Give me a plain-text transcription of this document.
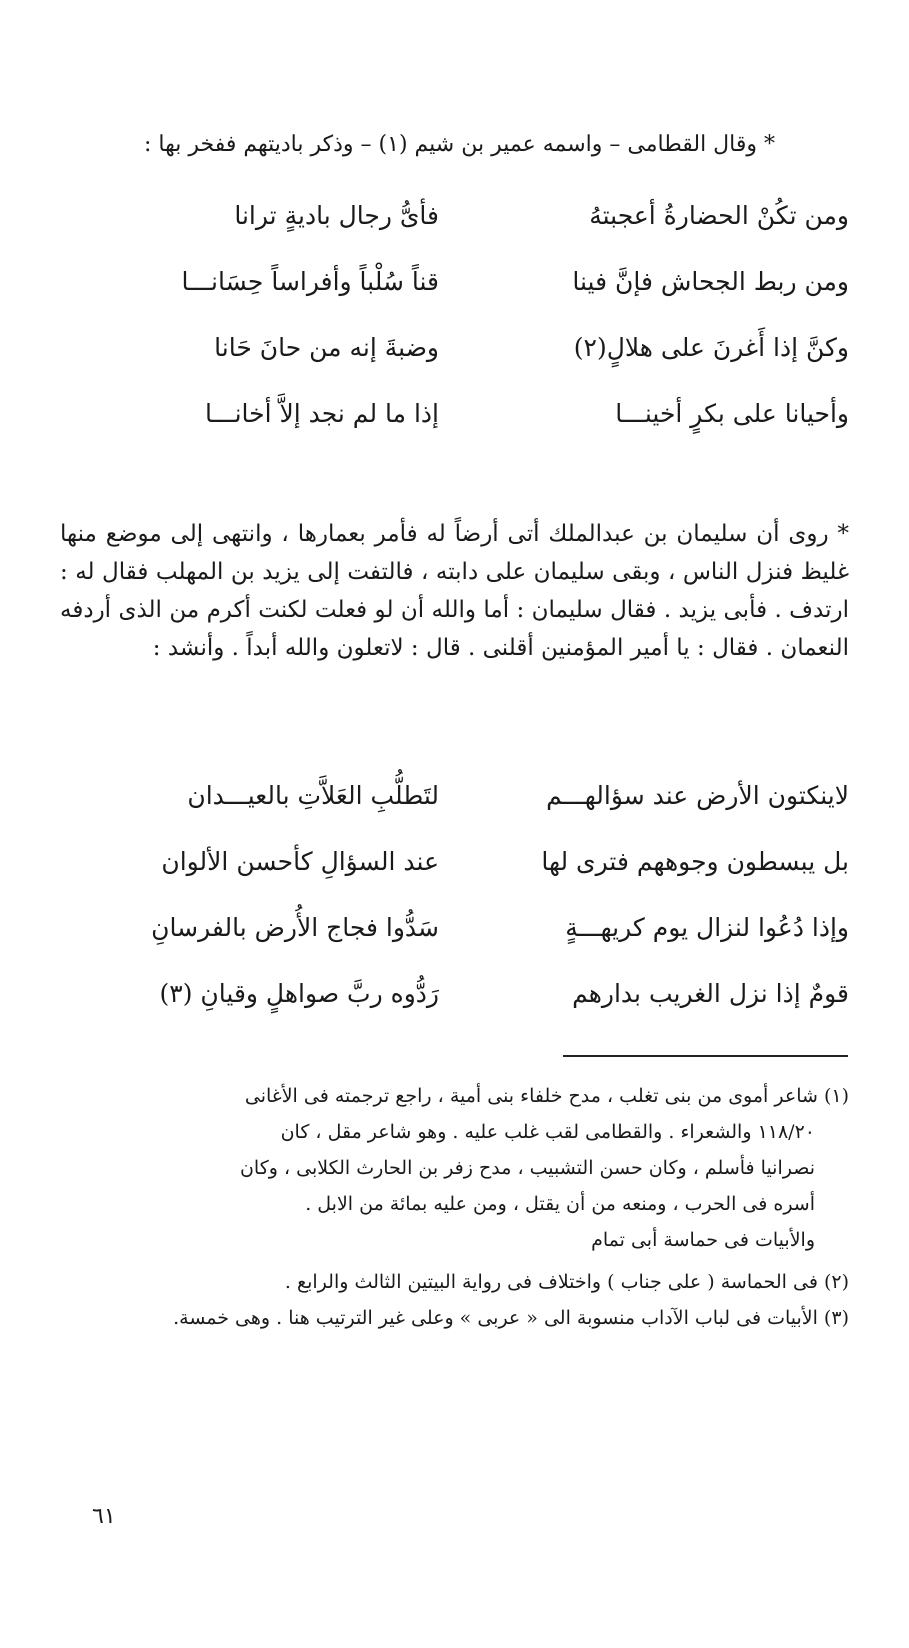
* وقال القطامى – واسمه عمير بن شيم (١) – وذكر باديتهم ففخر بها :
ومن تكُنْ الحضارةُ أعجبتهُ
فأىُّ رجال باديةٍ ترانا
ومن ربط الجحاش فإنَّ فينا
قناً سُلْباً وأفراساً حِسَانـــا
وكنَّ إذا أَغرنَ على هلالٍ(٢)
وضبةَ إنه من حانَ حَانا
وأحيانا على بكرٍ أخينـــا
إذا ما لم نجد إلاَّ أخانـــا
* روى أن سليمان بن عبدالملك أتى أرضاً له فأمر بعمارها ، وانتهى إلى موضع منها غليظ فنزل الناس ، وبقى سليمان على دابته ، فالتفت إلى يزيد بن المهلب فقال له : ارتدف . فأبى يزيد . فقال سليمان : أما والله أن لو فعلت لكنت أكرم من الذى أردفه النعمان . فقال : يا أمير المؤمنين أقلنى . قال : لاتعلون والله أبداً . وأنشد :
لاينكتون الأرض عند سؤالهـــم
لتَطلُّبِ العَلاَّتِ بالعيـــدان
بل يبسطون وجوههم فترى لها
عند السؤالِ كأحسن الألوان
وإذا دُعُوا لنزال يوم كريهـــةٍ
سَدُّوا فجاج الأُرض بالفرسانِ
قومٌ إذا نزل الغريب بدارهم
رَدُّوه ربَّ صواهلٍ وقيانِ (٣)

(١) شاعر أموى من بنى تغلب ، مدح خلفاء بنى أمية ، راجع ترجمته فى الأغانى

١١٨/٢٠ والشعراء . والقطامى لقب غلب عليه . وهو شاعر مقل ، كان

نصرانيا فأسلم ، وكان حسن التشبيب ، مدح زفر بن الحارث الكلابى ، وكان

أسره فى الحرب ، ومنعه من أن يقتل ، ومن عليه بمائة من الابل .

والأبيات فى حماسة أبى تمام

(٢) فى الحماسة ( على جناب ) واختلاف فى رواية البيتين الثالث والرابع .
(٣) الأبيات فى لباب الآداب منسوبة الى « عربى » وعلى غير الترتيب هنا . وهى خمسة.
٦١
